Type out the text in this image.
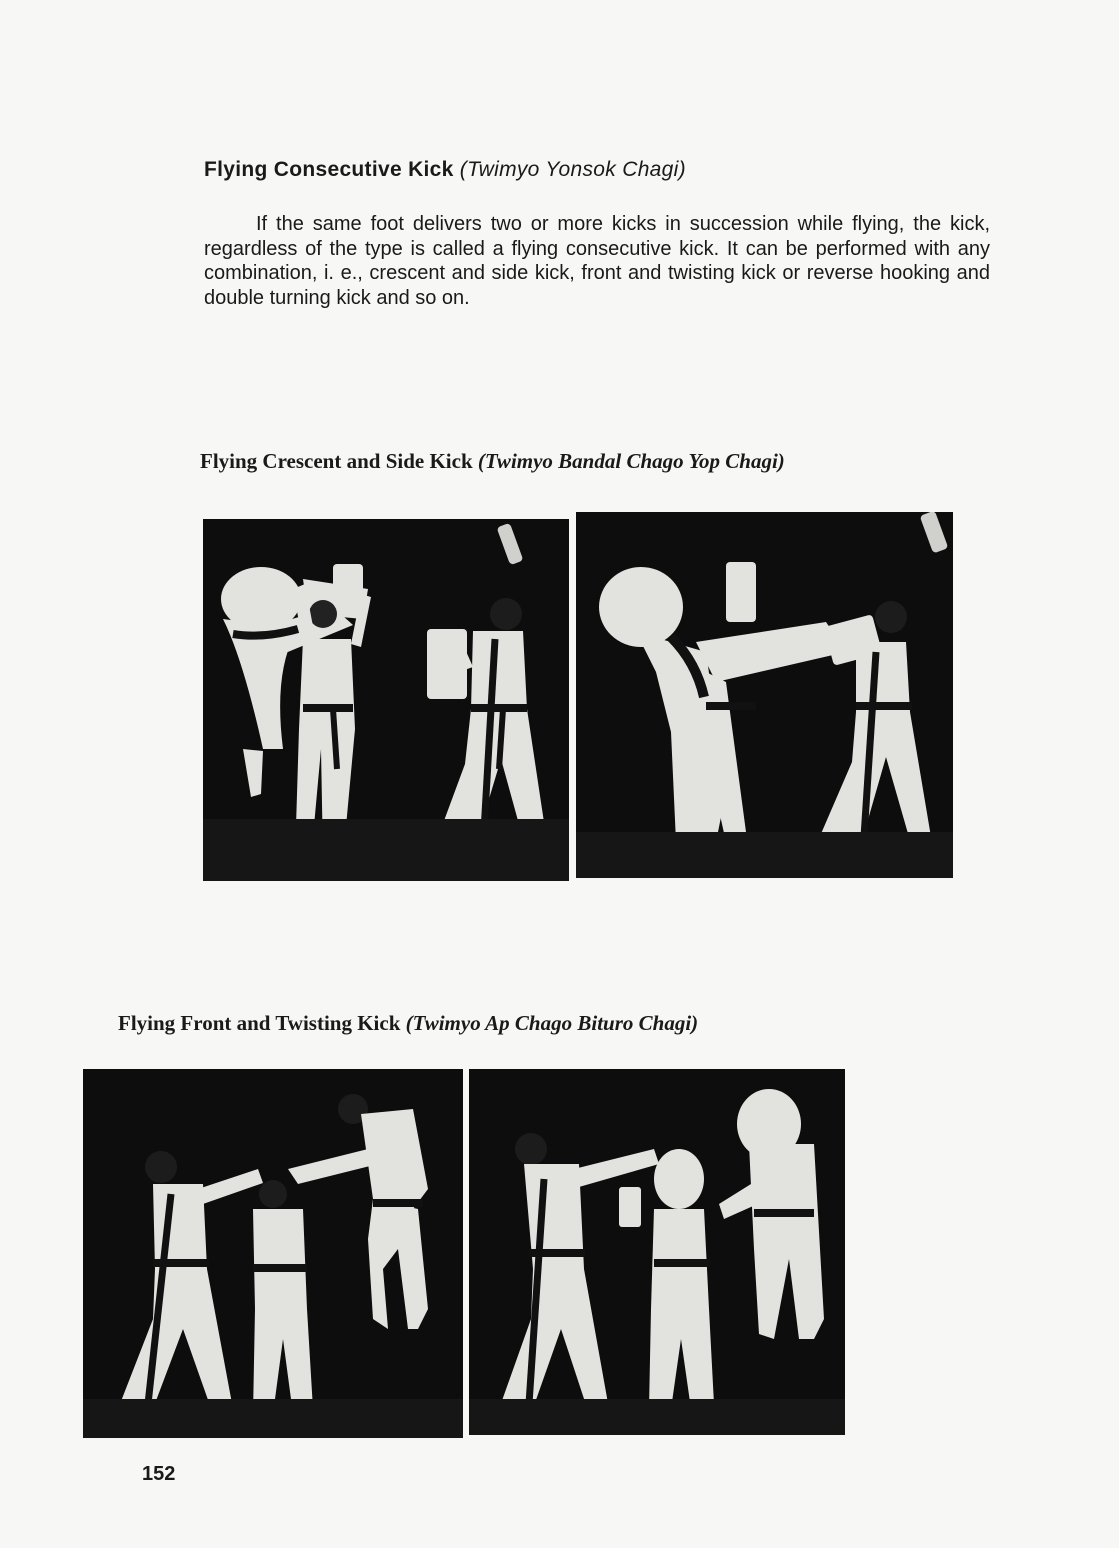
Flying Consecutive Kick (Twimyo Yonsok Chagi)
If the same foot delivers two or more kicks in succession while flying, the kick, regardless of the type is called a flying consecutive kick. It can be performed with any combination, i. e., crescent and side kick, front and twisting kick or reverse hooking and double turning kick and so on.
Flying Crescent and Side Kick (Twimyo Bandal Chago Yop Chagi)
Flying Front and Twisting Kick (Twimyo Ap Chago Bituro Chagi)
152
